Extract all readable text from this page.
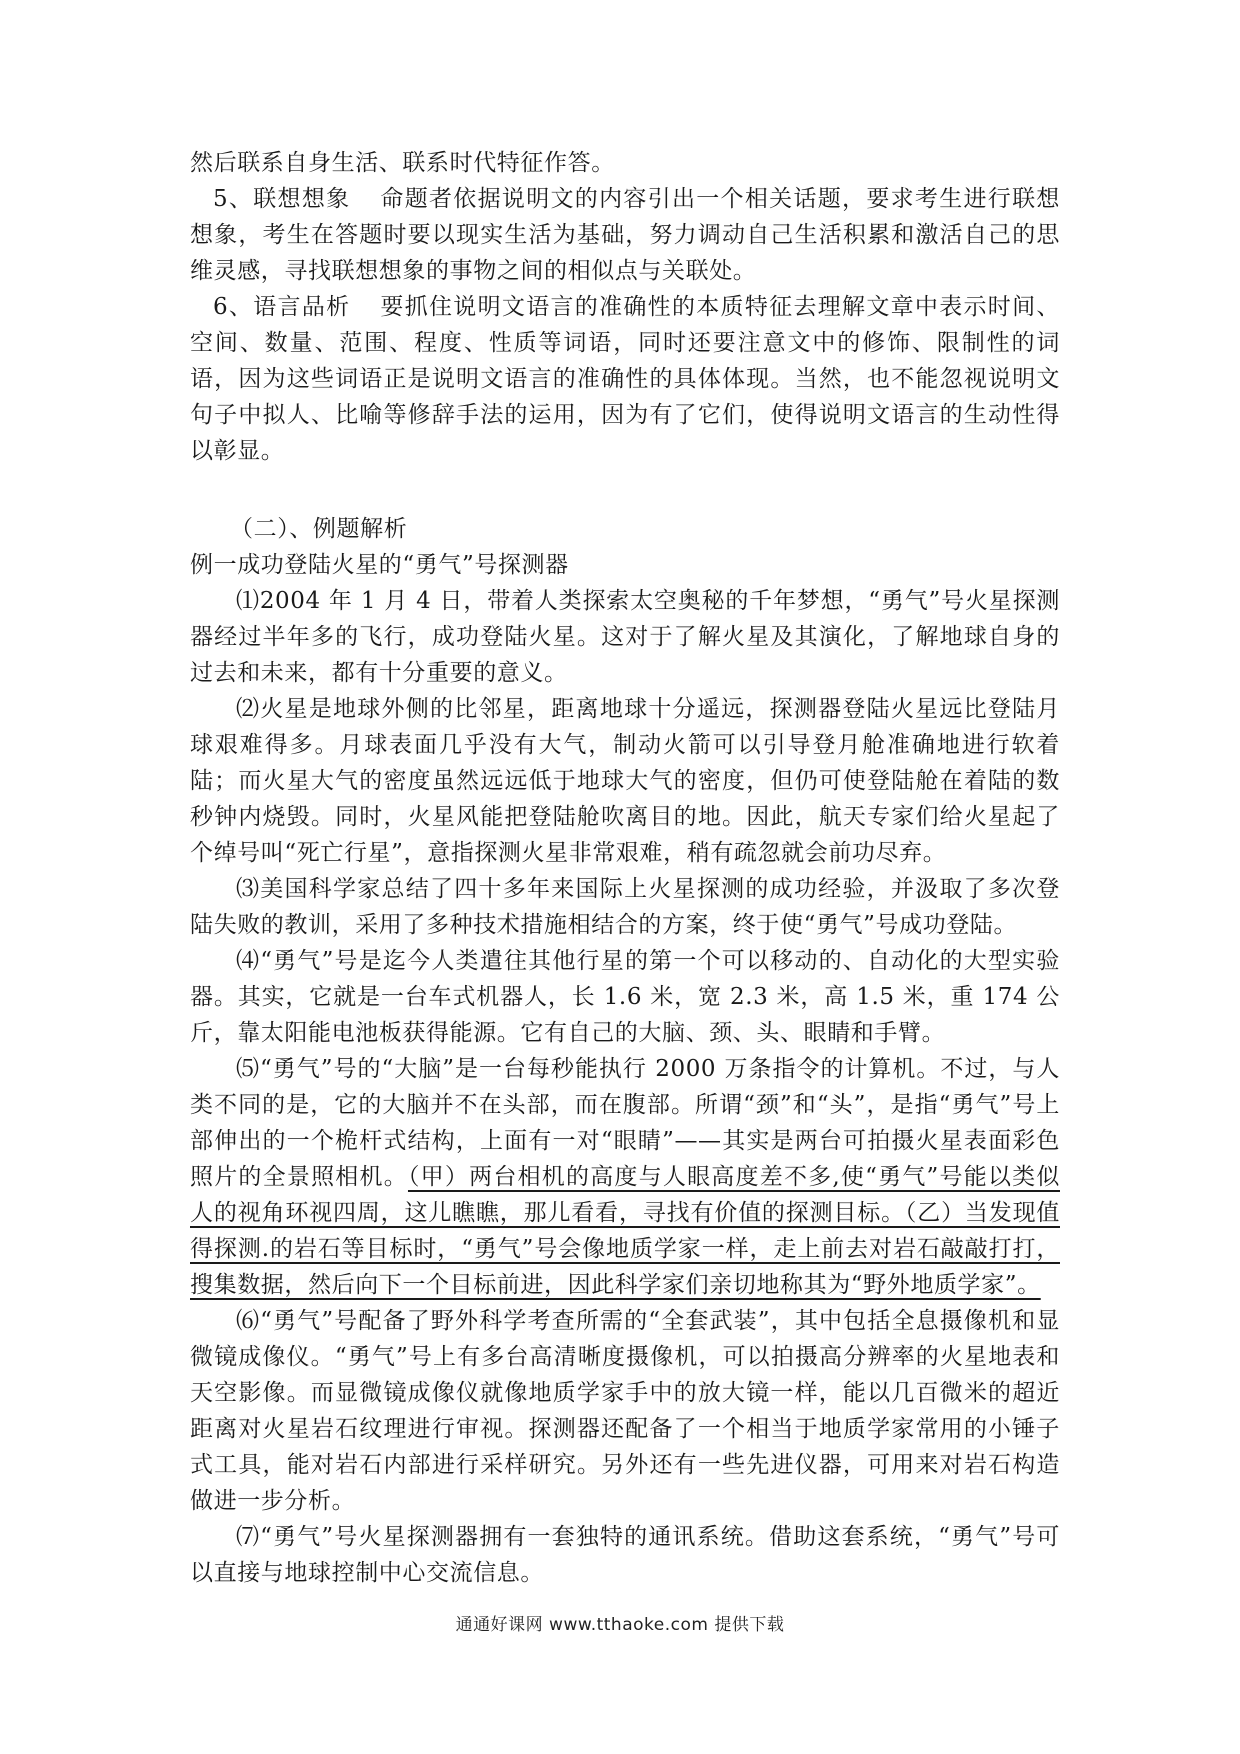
然后联系自身生活、联系时代特征作答。

5、联想想象 命题者依据说明文的内容引出一个相关话题，要求考生进行联想想象，考生在答题时要以现实生活为基础，努力调动自己生活积累和激活自己的思维灵感，寻找联想想象的事物之间的相似点与关联处。

6、语言品析 要抓住说明文语言的准确性的本质特征去理解文章中表示时间、空间、数量、范围、程度、性质等词语，同时还要注意文中的修饰、限制性的词语，因为这些词语正是说明文语言的准确性的具体体现。当然，也不能忽视说明文句子中拟人、比喻等修辞手法的运用，因为有了它们，使得说明文语言的生动性得以彰显。

（二）、例题解析

例一成功登陆火星的“勇气”号探测器

⑴2004 年 1 月 4 日，带着人类探索太空奥秘的千年梦想，“勇气”号火星探测器经过半年多的飞行，成功登陆火星。这对于了解火星及其演化，了解地球自身的过去和未来，都有十分重要的意义。

⑵火星是地球外侧的比邻星，距离地球十分遥远，探测器登陆火星远比登陆月球艰难得多。月球表面几乎没有大气，制动火箭可以引导登月舱准确地进行软着陆；而火星大气的密度虽然远远低于地球大气的密度，但仍可使登陆舱在着陆的数秒钟内烧毁。同时，火星风能把登陆舱吹离目的地。因此，航天专家们给火星起了个绰号叫“死亡行星”，意指探测火星非常艰难，稍有疏忽就会前功尽弃。

⑶美国科学家总结了四十多年来国际上火星探测的成功经验，并汲取了多次登陆失败的教训，采用了多种技术措施相结合的方案，终于使“勇气”号成功登陆。

⑷“勇气”号是迄今人类遣往其他行星的第一个可以移动的、自动化的大型实验器。其实，它就是一台车式机器人，长 1.6 米，宽 2.3 米，高 1.5 米，重 174 公斤，靠太阳能电池板获得能源。它有自己的大脑、颈、头、眼睛和手臂。

⑸“勇气”号的“大脑”是一台每秒能执行 2000 万条指令的计算机。不过，与人类不同的是，它的大脑并不在头部，而在腹部。所谓“颈”和“头”，是指“勇气”号上部伸出的一个桅杆式结构，上面有一对“眼睛”——其实是两台可拍摄火星表面彩色照片的全景照相机。（甲）两台相机的高度与人眼高度差不多,使“勇气”号能以类似人的视角环视四周，这儿瞧瞧，那儿看看，寻找有价值的探测目标。（乙）当发现值得探测.的岩石等目标时，“勇气”号会像地质学家一样，走上前去对岩石敲敲打打，搜集数据，然后向下一个目标前进，因此科学家们亲切地称其为“野外地质学家”。

⑹“勇气”号配备了野外科学考查所需的“全套武装”，其中包括全息摄像机和显微镜成像仪。“勇气”号上有多台高清晰度摄像机，可以拍摄高分辨率的火星地表和天空影像。而显微镜成像仪就像地质学家手中的放大镜一样，能以几百微米的超近距离对火星岩石纹理进行审视。探测器还配备了一个相当于地质学家常用的小锤子式工具，能对岩石内部进行采样研究。另外还有一些先进仪器，可用来对岩石构造做进一步分析。

⑺“勇气”号火星探测器拥有一套独特的通讯系统。借助这套系统，“勇气”号可以直接与地球控制中心交流信息。

通通好课网 www.tthaoke.com 提供下载
